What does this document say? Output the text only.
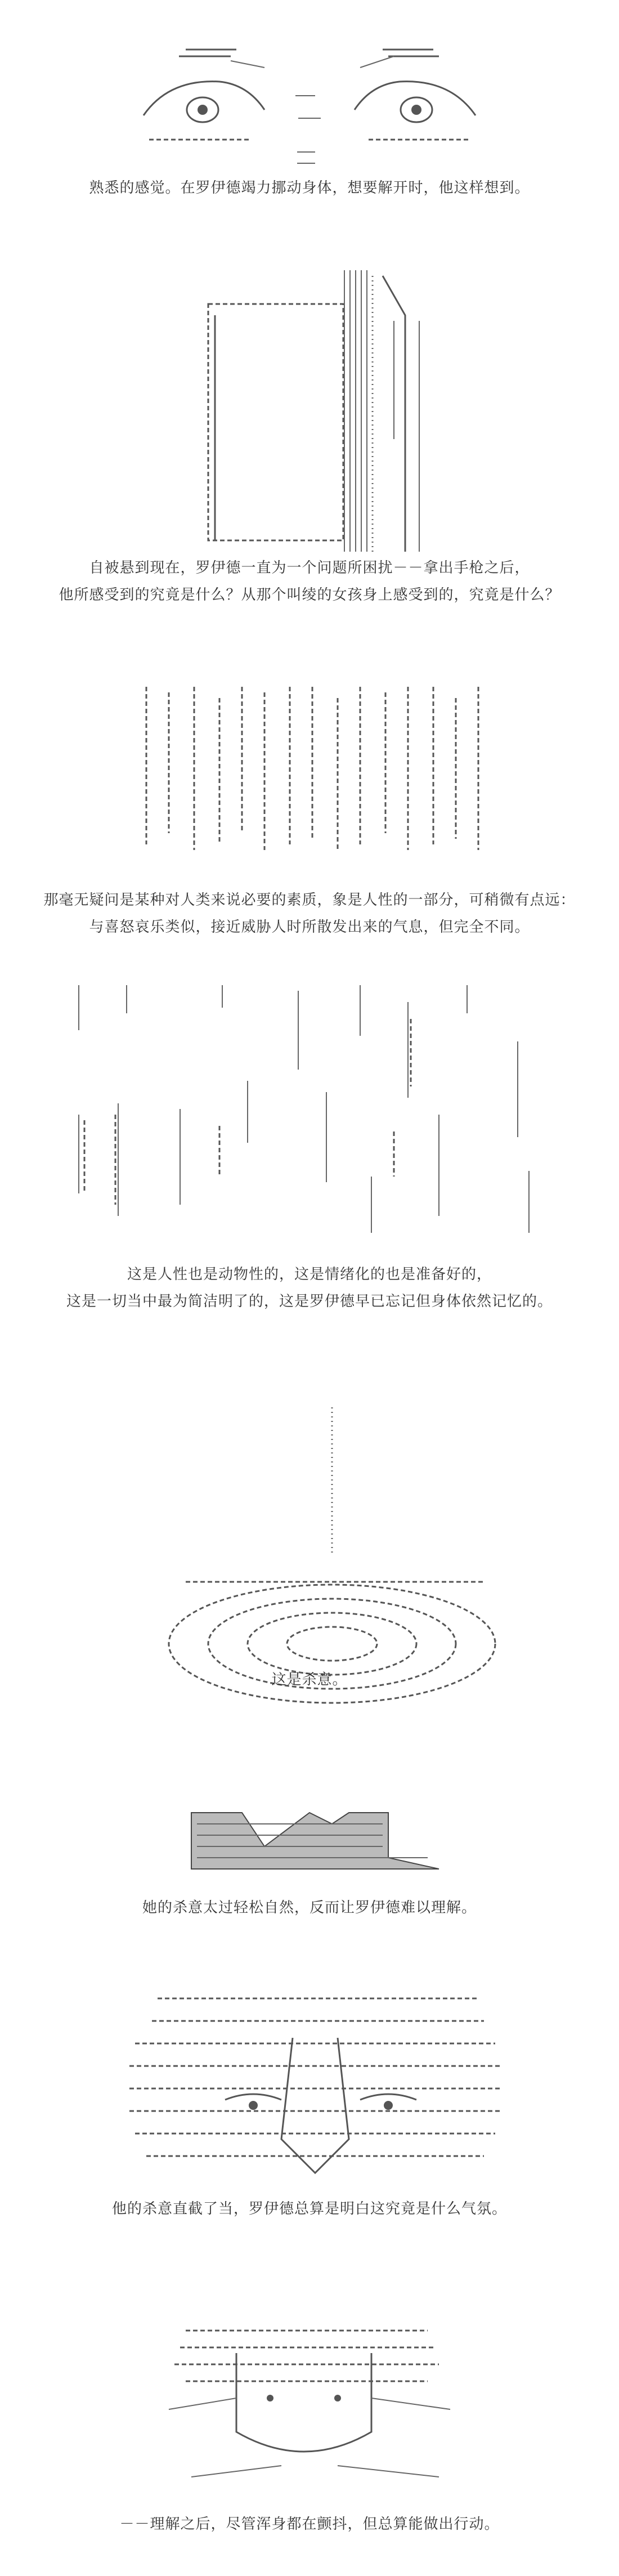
熟悉的感觉。在罗伊德竭力挪动身体，想要解开时，他这样想到。
自被悬到现在，罗伊德一直为一个问题所困扰－－拿出手枪之后，
他所感受到的究竟是什么？从那个叫绫的女孩身上感受到的，究竟是什么？
那毫无疑问是某种对人类来说必要的素质，象是人性的一部分，可稍微有点远：
与喜怒哀乐类似，接近威胁人时所散发出来的气息，但完全不同。
这是人性也是动物性的，这是情绪化的也是准备好的，
这是一切当中最为简洁明了的，这是罗伊德早已忘记但身体依然记忆的。
这是杀意。
她的杀意太过轻松自然，反而让罗伊德难以理解。
他的杀意直截了当，罗伊德总算是明白这究竟是什么气氛。
－－理解之后，尽管浑身都在颤抖，但总算能做出行动。
